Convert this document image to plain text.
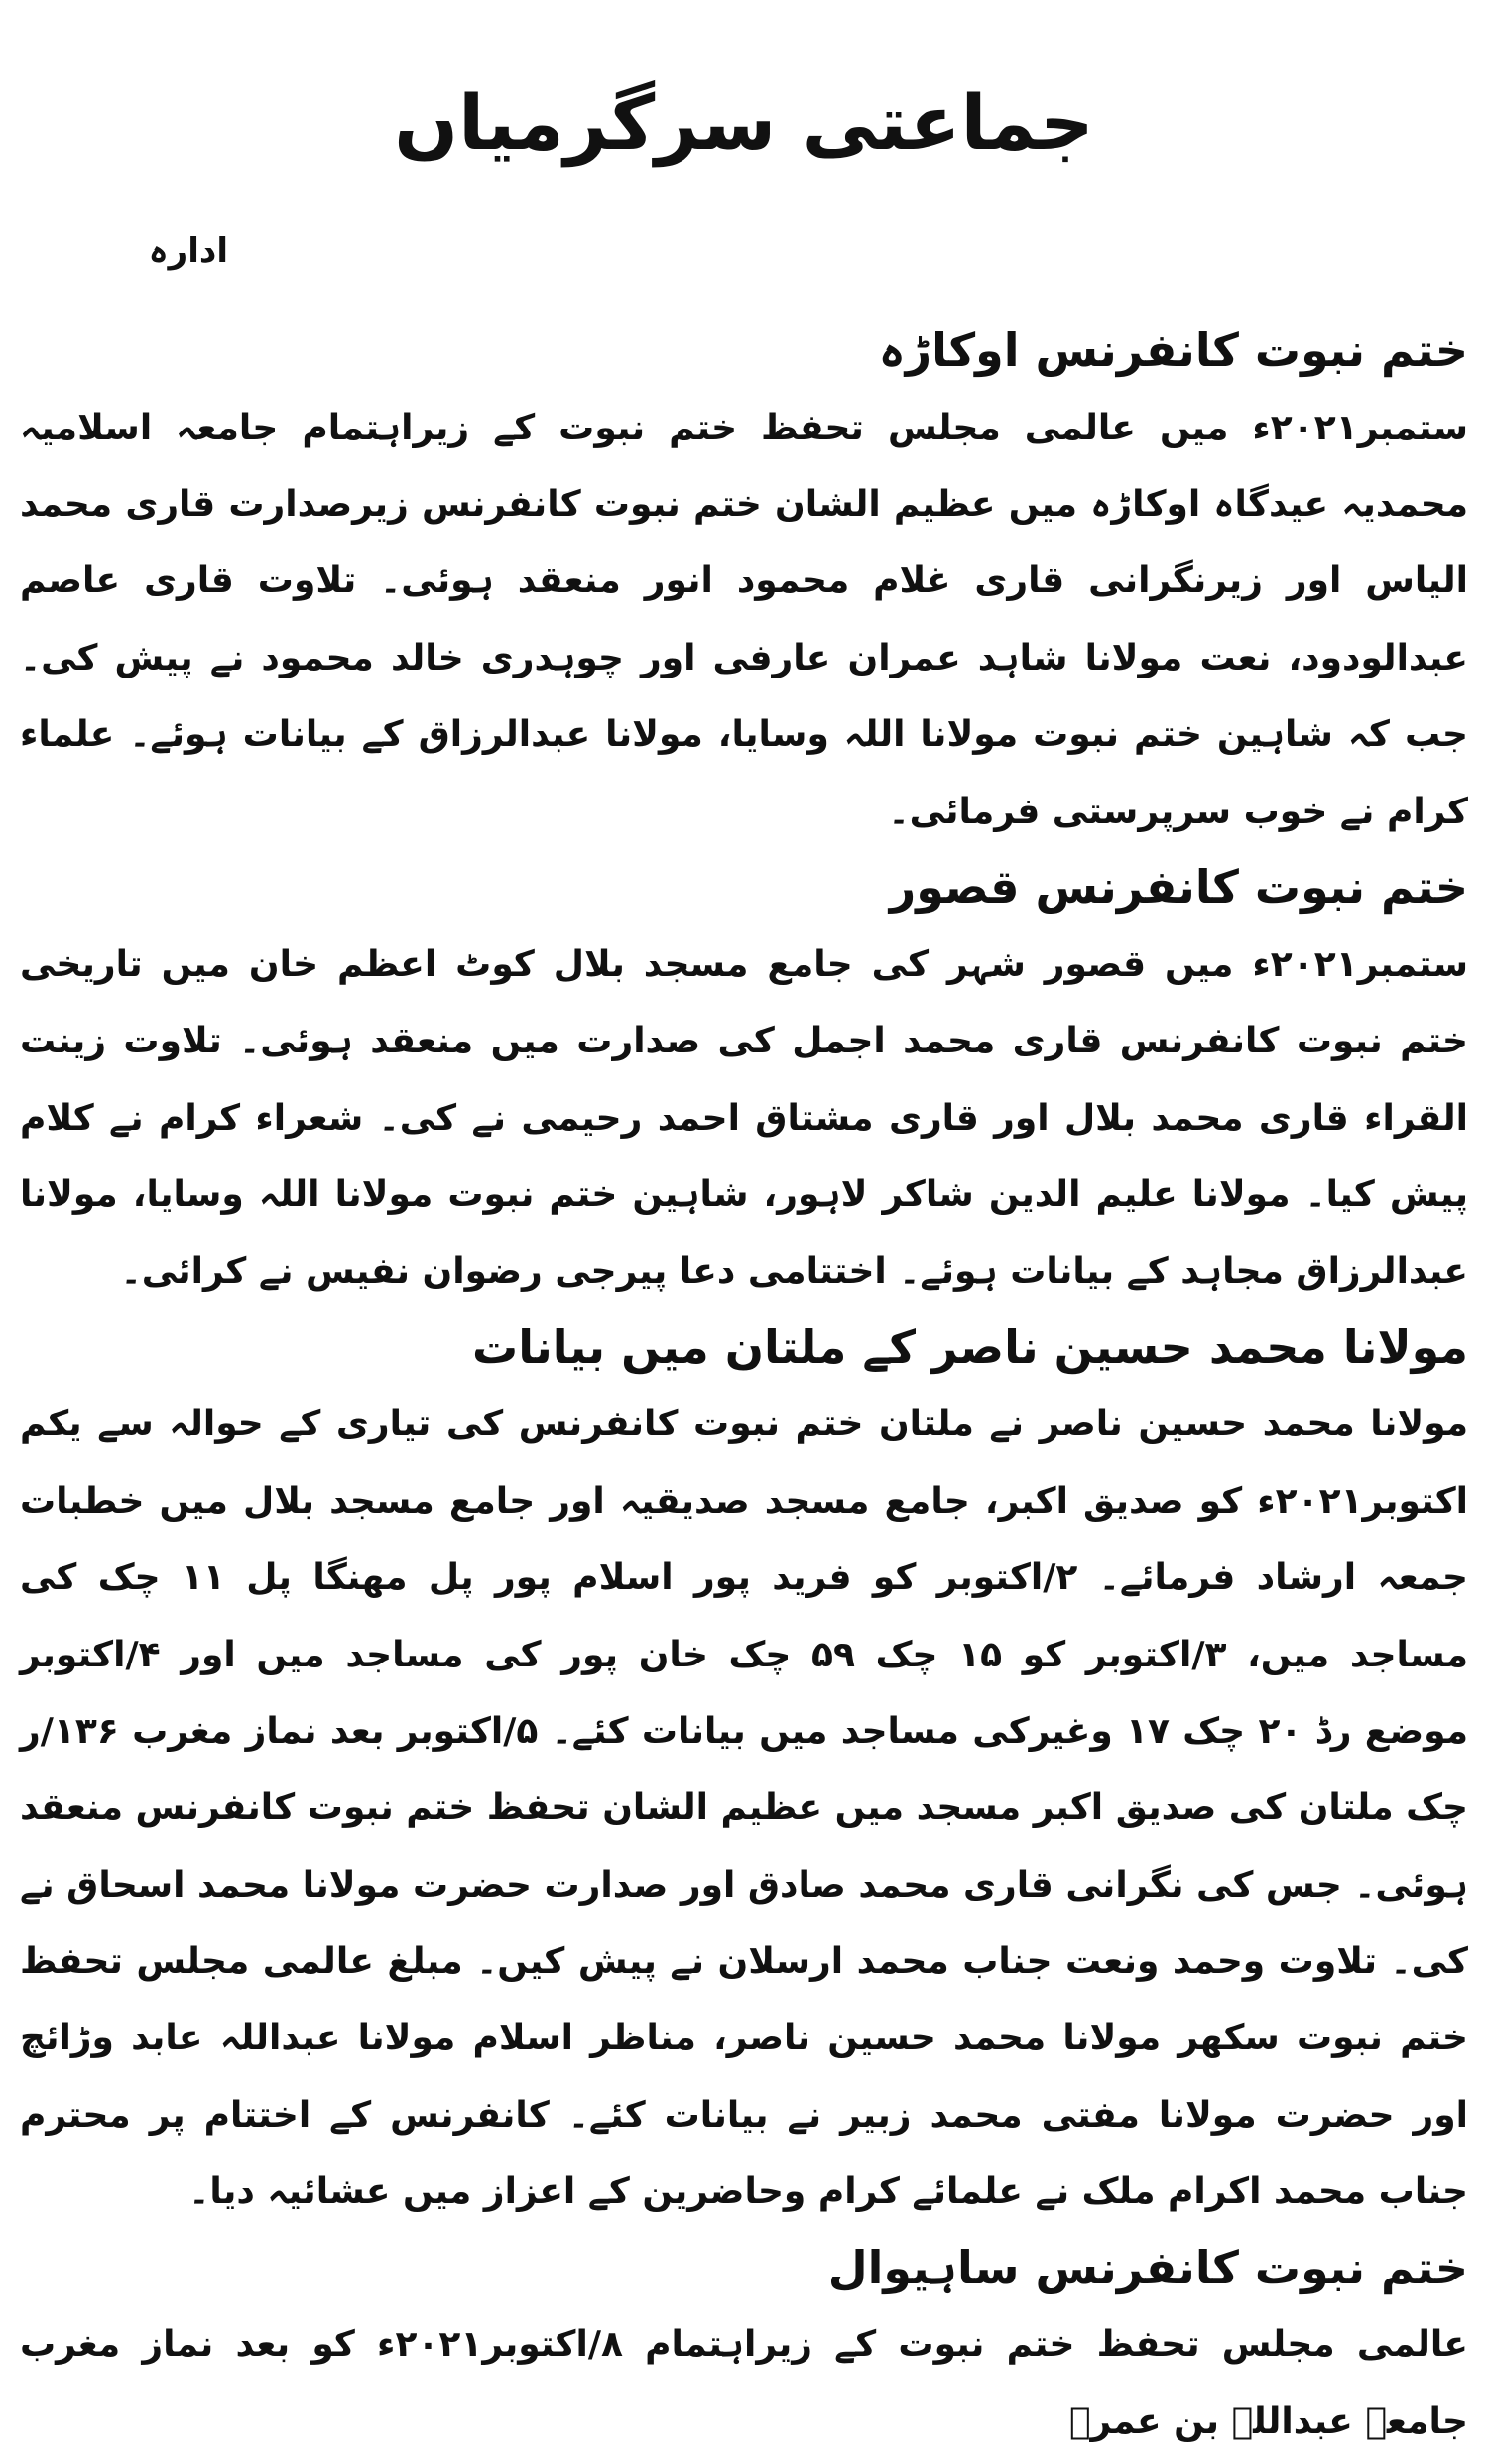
جماعتی سرگرمیاں

ادارہ

ختم نبوت کانفرنس اوکاڑہ

ستمبر۲۰۲۱ء میں عالمی مجلس تحفظ ختم نبوت کے زیراہتمام جامعہ اسلامیہ محمدیہ عیدگاہ اوکاڑہ میں عظیم الشان ختم نبوت کانفرنس زیرصدارت قاری محمد الیاس اور زیرنگرانی قاری غلام محمود انور منعقد ہوئی۔ تلاوت قاری عاصم عبدالودود، نعت مولانا شاہد عمران عارفی اور چوہدری خالد محمود نے پیش کی۔ جب کہ شاہین ختم نبوت مولانا اللہ وسایا، مولانا عبدالرزاق کے بیانات ہوئے۔ علماء کرام نے خوب سرپرستی فرمائی۔

ختم نبوت کانفرنس قصور

ستمبر۲۰۲۱ء میں قصور شہر کی جامع مسجد بلال کوٹ اعظم خان میں تاریخی ختم نبوت کانفرنس قاری محمد اجمل کی صدارت میں منعقد ہوئی۔ تلاوت زینت القراء قاری محمد بلال اور قاری مشتاق احمد رحیمی نے کی۔ شعراء کرام نے کلام پیش کیا۔ مولانا علیم الدین شاکر لاہور، شاہین ختم نبوت مولانا اللہ وسایا، مولانا عبدالرزاق مجاہد کے بیانات ہوئے۔ اختتامی دعا پیرجی رضوان نفیس نے کرائی۔

مولانا محمد حسین ناصر کے ملتان میں بیانات

مولانا محمد حسین ناصر نے ملتان ختم نبوت کانفرنس کی تیاری کے حوالہ سے یکم اکتوبر۲۰۲۱ء کو صدیق اکبر، جامع مسجد صدیقیہ اور جامع مسجد بلال میں خطبات جمعہ ارشاد فرمائے۔ ۲/اکتوبر کو فرید پور اسلام پور پل مھنگا پل ۱۱ چک کی مساجد میں، ۳/اکتوبر کو ۱۵ چک ۵۹ چک خان پور کی مساجد میں اور ۴/اکتوبر موضع رڈ ۲۰ چک ۱۷ وغیرکی مساجد میں بیانات کئے۔ ۵/اکتوبر بعد نماز مغرب ۱۳۶/ر چک ملتان کی صدیق اکبر مسجد میں عظیم الشان تحفظ ختم نبوت کانفرنس منعقد ہوئی۔ جس کی نگرانی قاری محمد صادق اور صدارت حضرت مولانا محمد اسحاق نے کی۔ تلاوت وحمد ونعت جناب محمد ارسلان نے پیش کیں۔ مبلغ عالمی مجلس تحفظ ختم نبوت سکھر مولانا محمد حسین ناصر، مناظر اسلام مولانا عبداللہ عابد وڑائچ اور حضرت مولانا مفتی محمد زبیر نے بیانات کئے۔ کانفرنس کے اختتام پر محترم جناب محمد اکرام ملک نے علمائے کرام وحاضرین کے اعزاز میں عشائیہ دیا۔

ختم نبوت کانفرنس ساہیوال

عالمی مجلس تحفظ ختم نبوت کے زیراہتمام ۸/اکتوبر۲۰۲۱ء کو بعد نماز مغرب جامعہ عبداللہ بن عمرؓ
